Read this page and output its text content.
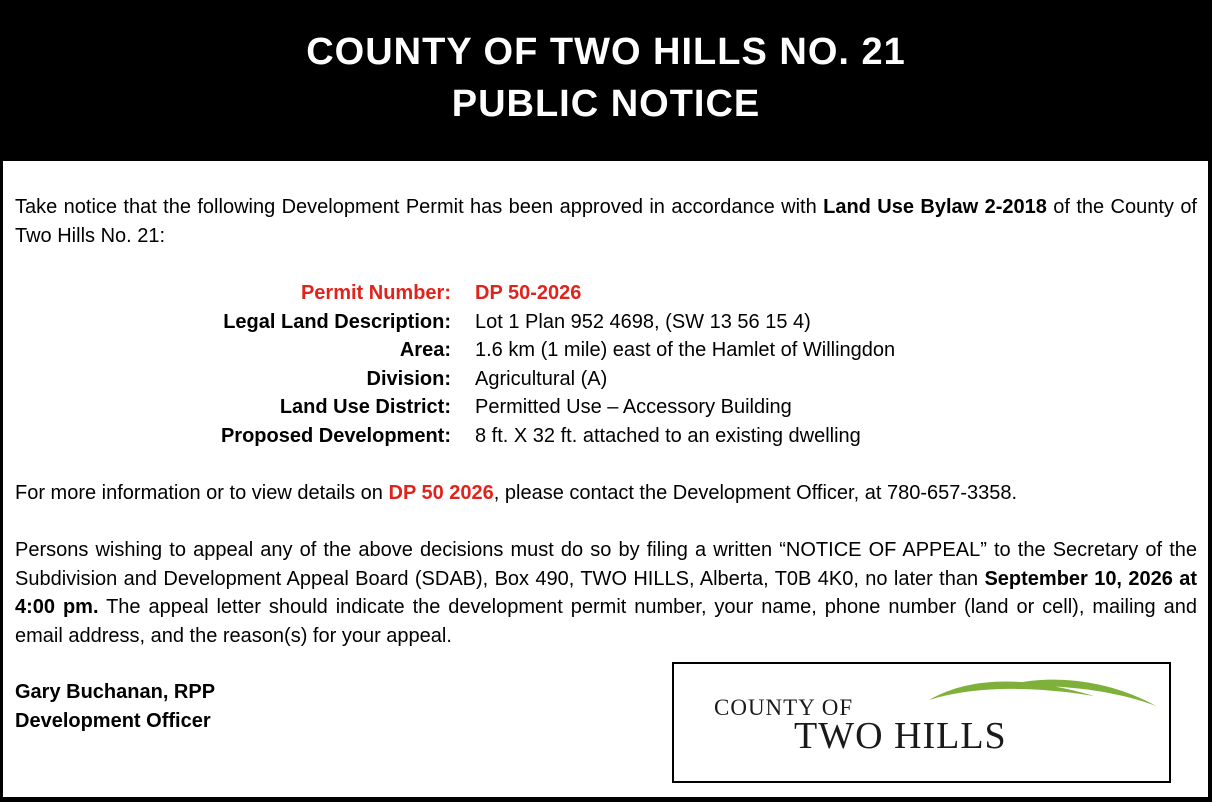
COUNTY OF TWO HILLS NO. 21
PUBLIC NOTICE
Take notice that the following Development Permit has been approved in accordance with Land Use Bylaw 2-2018 of the County of Two Hills No. 21:
Permit Number: DP 50-2026
Legal Land Description: Lot 1 Plan 952 4698, (SW 13 56 15 4)
Area: 1.6 km (1 mile) east of the Hamlet of Willingdon
Division: Agricultural (A)
Land Use District: Permitted Use – Accessory Building
Proposed Development: 8 ft. X 32 ft. attached to an existing dwelling
For more information or to view details on DP 50 2026, please contact the Development Officer, at 780-657-3358.
Persons wishing to appeal any of the above decisions must do so by filing a written “NOTICE OF APPEAL” to the Secretary of the Subdivision and Development Appeal Board (SDAB), Box 490, TWO HILLS, Alberta, T0B 4K0, no later than September 10, 2026 at 4:00 pm. The appeal letter should indicate the development permit number, your name, phone number (land or cell), mailing and email address, and the reason(s) for your appeal.
Gary Buchanan, RPP
Development Officer
COUNTY OF
TWO HILLS
